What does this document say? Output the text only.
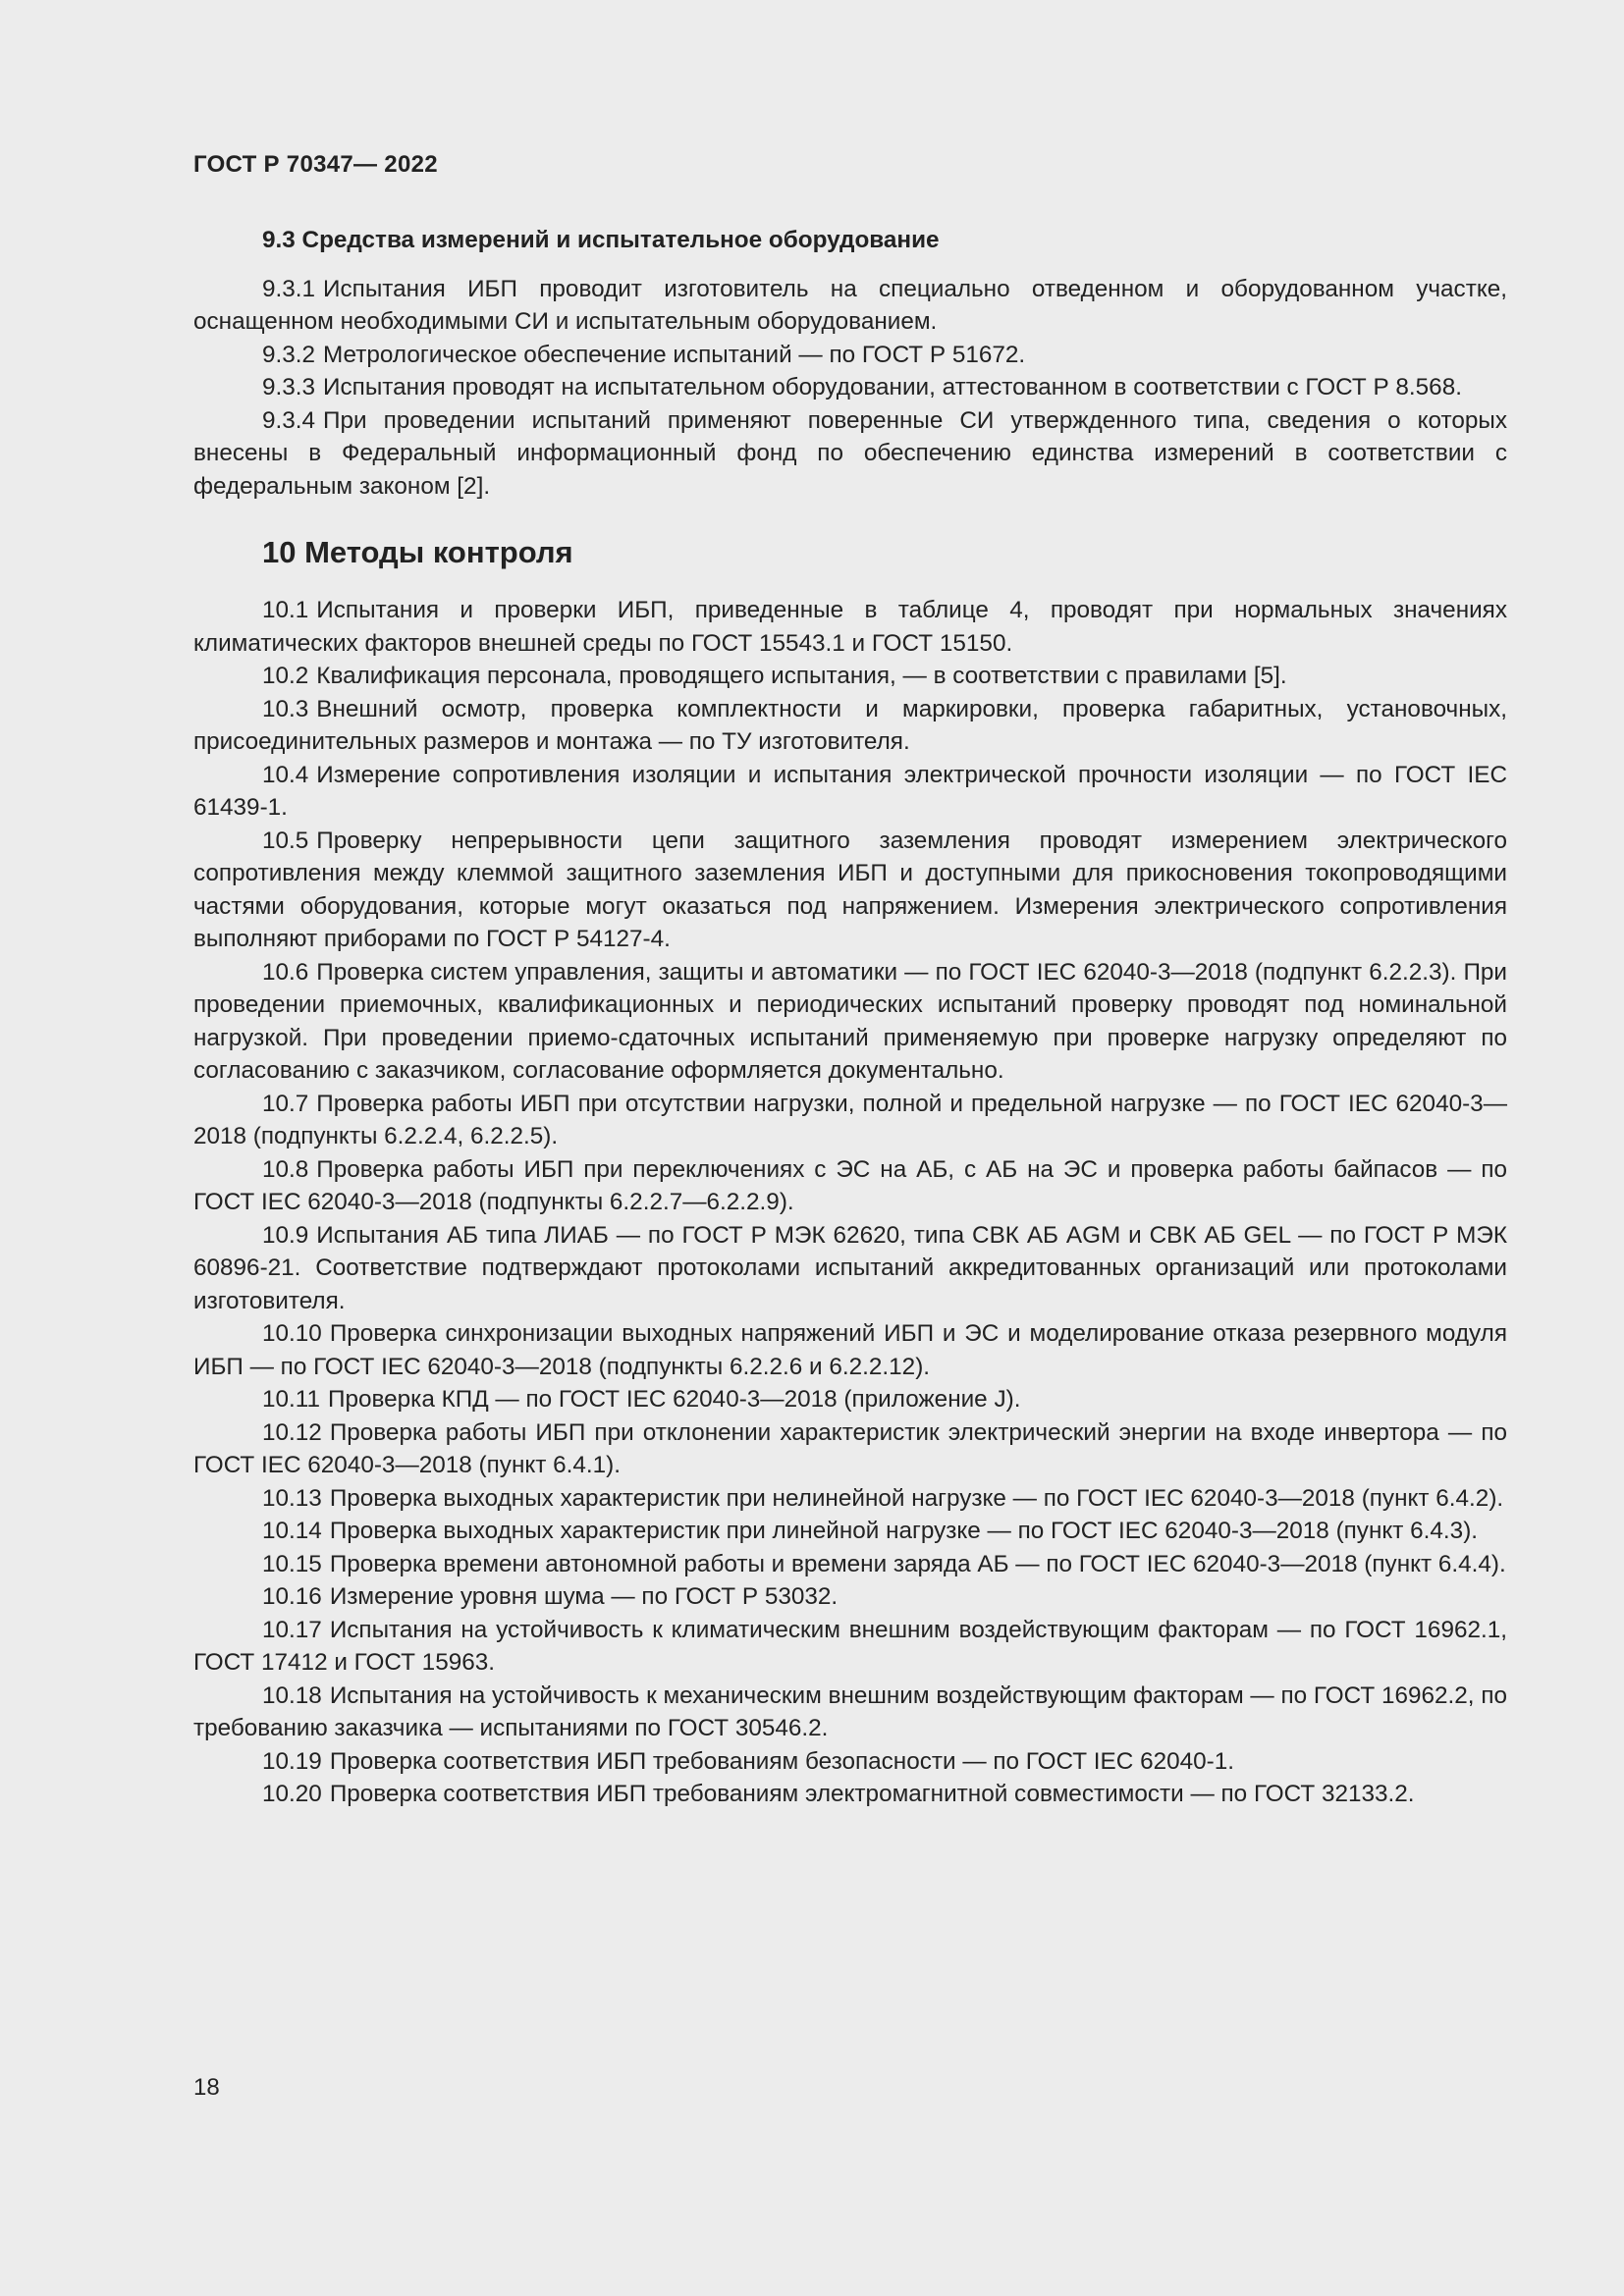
ГОСТ Р 70347— 2022
9.3 Средства измерений и испытательное оборудование

9.3.1 Испытания ИБП проводит изготовитель на специально отведенном и оборудованном участке, оснащенном необходимыми СИ и испытательным оборудованием.

9.3.2 Метрологическое обеспечение испытаний — по ГОСТ Р 51672.

9.3.3 Испытания проводят на испытательном оборудовании, аттестованном в соответствии с ГОСТ Р 8.568.

9.3.4 При проведении испытаний применяют поверенные СИ утвержденного типа, сведения о которых внесены в Федеральный информационный фонд по обеспечению единства измерений в соответствии с федеральным законом [2].

10 Методы контроля

10.1 Испытания и проверки ИБП, приведенные в таблице 4, проводят при нормальных значениях климатических факторов внешней среды по ГОСТ 15543.1 и ГОСТ 15150.

10.2 Квалификация персонала, проводящего испытания, — в соответствии с правилами [5].

10.3 Внешний осмотр, проверка комплектности и маркировки, проверка габаритных, установочных, присоединительных размеров и монтажа — по ТУ изготовителя.

10.4 Измерение сопротивления изоляции и испытания электрической прочности изоляции — по ГОСТ IEC 61439-1.

10.5 Проверку непрерывности цепи защитного заземления проводят измерением электрического сопротивления между клеммой защитного заземления ИБП и доступными для прикосновения токопроводящими частями оборудования, которые могут оказаться под напряжением. Измерения электрического сопротивления выполняют приборами по ГОСТ Р 54127-4.

10.6 Проверка систем управления, защиты и автоматики — по ГОСТ IEC 62040-3—2018 (подпункт 6.2.2.3). При проведении приемочных, квалификационных и периодических испытаний проверку проводят под номинальной нагрузкой. При проведении приемо-сдаточных испытаний применяемую при проверке нагрузку определяют по согласованию с заказчиком, согласование оформляется документально.

10.7 Проверка работы ИБП при отсутствии нагрузки, полной и предельной нагрузке — по ГОСТ IEC 62040-3—2018 (подпункты 6.2.2.4, 6.2.2.5).

10.8 Проверка работы ИБП при переключениях с ЭС на АБ, с АБ на ЭС и проверка работы байпасов — по ГОСТ IEC 62040-3—2018 (подпункты 6.2.2.7—6.2.2.9).

10.9 Испытания АБ типа ЛИАБ — по ГОСТ Р МЭК 62620, типа СВК АБ AGM и СВК АБ GEL — по ГОСТ Р МЭК 60896-21. Соответствие подтверждают протоколами испытаний аккредитованных организаций или протоколами изготовителя.

10.10 Проверка синхронизации выходных напряжений ИБП и ЭС и моделирование отказа резервного модуля ИБП — по ГОСТ IEC 62040-3—2018 (подпункты 6.2.2.6 и 6.2.2.12).

10.11 Проверка КПД — по ГОСТ IEC 62040-3—2018 (приложение J).

10.12 Проверка работы ИБП при отклонении характеристик электрический энергии на входе инвертора — по ГОСТ IEC 62040-3—2018 (пункт 6.4.1).

10.13 Проверка выходных характеристик при нелинейной нагрузке — по ГОСТ IEC 62040-3—2018 (пункт 6.4.2).

10.14 Проверка выходных характеристик при линейной нагрузке — по ГОСТ IEC 62040-3—2018 (пункт 6.4.3).

10.15 Проверка времени автономной работы и времени заряда АБ — по ГОСТ IEC 62040-3—2018 (пункт 6.4.4).

10.16 Измерение уровня шума — по ГОСТ Р 53032.

10.17 Испытания на устойчивость к климатическим внешним воздействующим факторам — по ГОСТ 16962.1, ГОСТ 17412 и ГОСТ 15963.

10.18 Испытания на устойчивость к механическим внешним воздействующим факторам — по ГОСТ 16962.2, по требованию заказчика — испытаниями по ГОСТ 30546.2.

10.19 Проверка соответствия ИБП требованиям безопасности — по ГОСТ IEC 62040-1.

10.20 Проверка соответствия ИБП требованиям электромагнитной совместимости — по ГОСТ 32133.2.

18
